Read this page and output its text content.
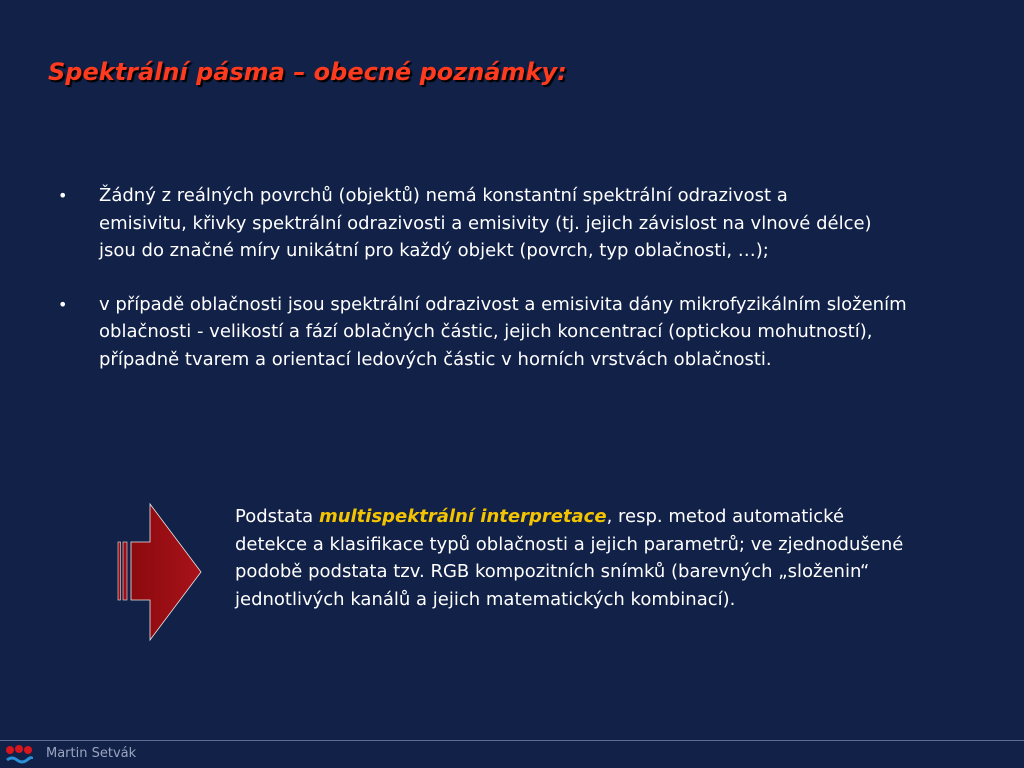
Spektrální pásma – obecné poznámky:
• Žádný z reálných povrchů (objektů) nemá konstantní spektrální odrazivost a emisivitu, křivky spektrální odrazivosti a emisivity (tj. jejich závislost na vlnové délce) jsou do značné míry unikátní pro každý objekt (povrch, typ oblačnosti, …);
• v případě oblačnosti jsou spektrální odrazivost a emisivita dány mikrofyzikálním složením oblačnosti - velikostí a fází oblačných částic, jejich koncentrací (optickou mohutností), případně tvarem a orientací ledových částic v horních vrstvách oblačnosti.
Podstata multispektrální interpretace, resp. metod automatické detekce a klasifikace typů oblačnosti a jejich parametrů; ve zjednodušené podobě podstata tzv. RGB kompozitních snímků (barevných „složenin“ jednotlivých kanálů a jejich matematických kombinací).
Martin Setvák
